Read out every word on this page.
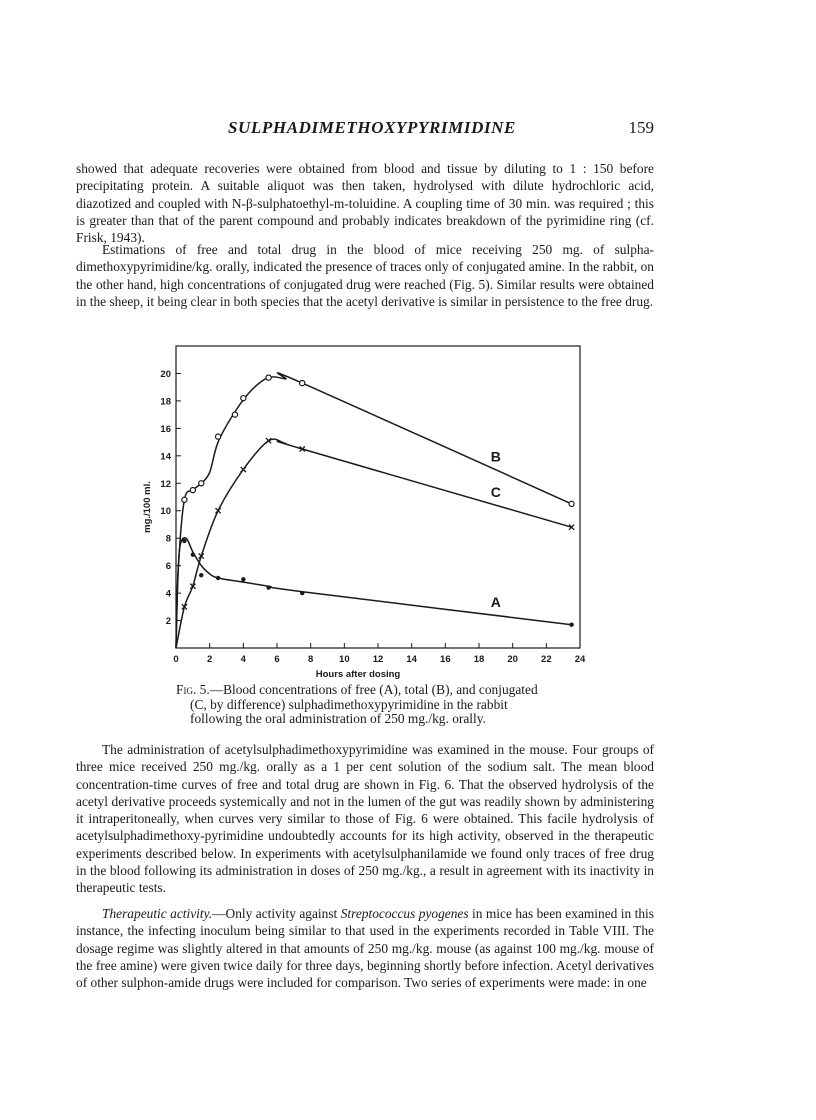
SULPHADIMETHOXYPYRIMIDINE	159

showed that adequate recoveries were obtained from blood and tissue by diluting to 1 : 150 before precipitating protein. A suitable aliquot was then taken, hydrolysed with dilute hydrochloric acid, diazotized and coupled with N-β-sulphatoethyl-m-toluidine. A coupling time of 30 min. was required ; this is greater than that of the parent compound and probably indicates breakdown of the pyrimidine ring (cf. Frisk, 1943).

Estimations of free and total drug in the blood of mice receiving 250 mg. of sulpha-dimethoxypyrimidine/kg. orally, indicated the presence of traces only of conjugated amine. In the rabbit, on the other hand, high concentrations of conjugated drug were reached (Fig. 5). Similar results were obtained in the sheep, it being clear in both species that the acetyl derivative is similar in persistence to the free drug.

0	2	4	6	8	10 12 14 16 18 20 22 24
2
4
6
8
10
12
14
16
18
20
Hours after dosing
mg./100 ml.
B
C
A

Fig. 5.—Blood concentrations of free (A), total (B), and conjugated
(C, by difference) sulphadimethoxypyrimidine in the rabbit
following the oral administration of 250 mg./kg. orally.

The administration of acetylsulphadimethoxypyrimidine was examined in the mouse. Four groups of three mice received 250 mg./kg. orally as a 1 per cent solution of the sodium salt. The mean blood concentration-time curves of free and total drug are shown in Fig. 6. That the observed hydrolysis of the acetyl derivative proceeds systemically and not in the lumen of the gut was readily shown by administering it intraperitoneally, when curves very similar to those of Fig. 6 were obtained. This facile hydrolysis of acetylsulphadimethoxy-pyrimidine undoubtedly accounts for its high activity, observed in the therapeutic experiments described below. In experiments with acetylsulphanilamide we found only traces of free drug in the blood following its administration in doses of 250 mg./kg., a result in agreement with its inactivity in therapeutic tests.

Therapeutic activity.—Only activity against Streptococcus pyogenes in mice has been examined in this instance, the infecting inoculum being similar to that used in the experiments recorded in Table VIII. The dosage regime was slightly altered in that amounts of 250 mg./kg. mouse (as against 100 mg./kg. mouse of the free amine) were given twice daily for three days, beginning shortly before infection. Acetyl derivatives of other sulphon-amide drugs were included for comparison. Two series of experiments were made: in one
